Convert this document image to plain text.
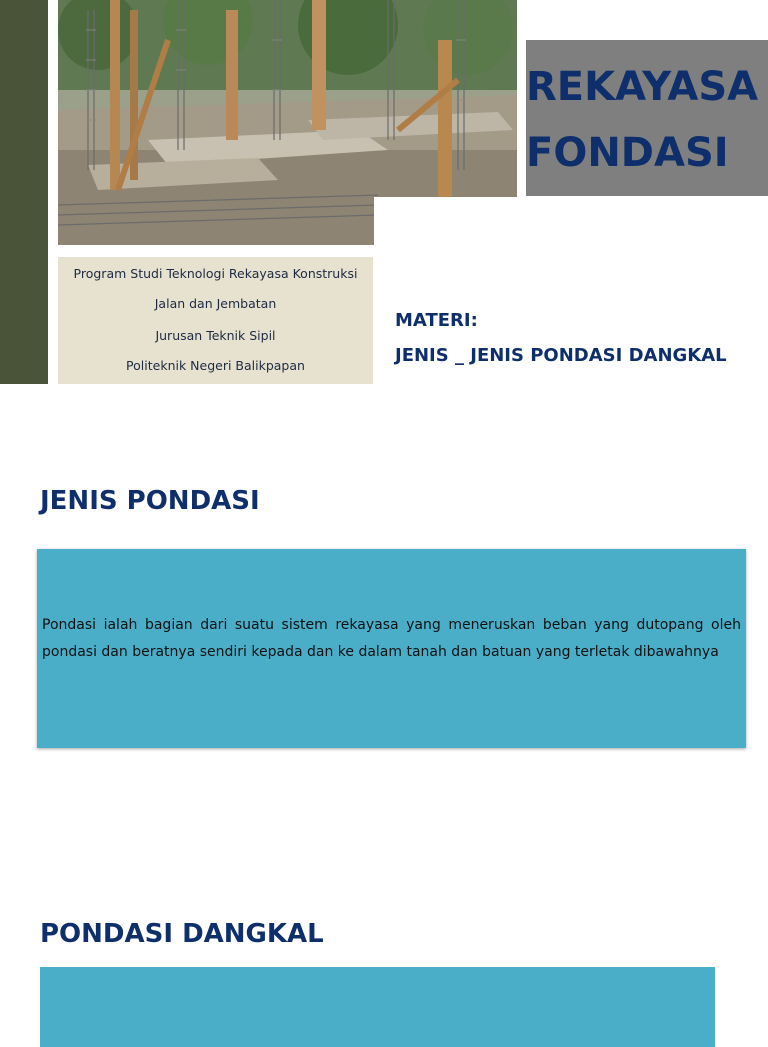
REKAYASA
FONDASI
Program Studi Teknologi Rekayasa Konstruksi
Jalan dan Jembatan
Jurusan Teknik Sipil
Politeknik Negeri Balikpapan
MATERI:
JENIS _ JENIS PONDASI DANGKAL
JENIS PONDASI
Pondasi ialah bagian dari suatu sistem rekayasa yang meneruskan beban yang dutopang oleh pondasi dan beratnya sendiri kepada dan ke dalam tanah dan batuan yang terletak dibawahnya
PONDASI DANGKAL
